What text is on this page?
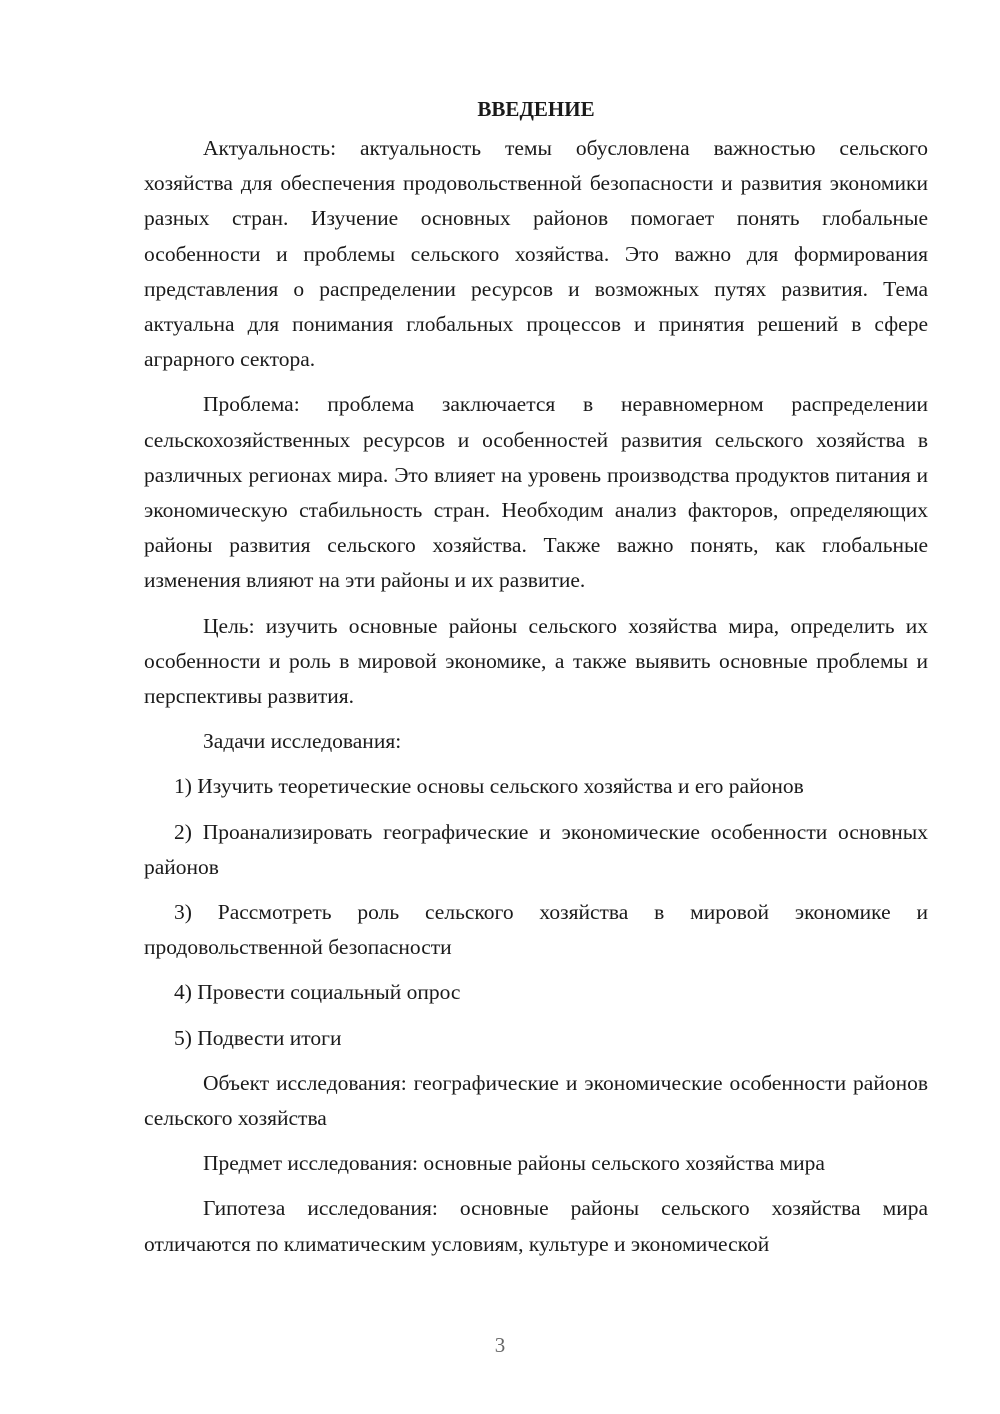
ВВЕДЕНИЕ

Актуальность: актуальность темы обусловлена важностью сельского хозяйства для обеспечения продовольственной безопасности и развития экономики разных стран. Изучение основных районов помогает понять глобальные особенности и проблемы сельского хозяйства. Это важно для формирования представления о распределении ресурсов и возможных путях развития. Тема актуальна для понимания глобальных процессов и принятия решений в сфере аграрного сектора.

Проблема: проблема заключается в неравномерном распределении сельскохозяйственных ресурсов и особенностей развития сельского хозяйства в различных регионах мира. Это влияет на уровень производства продуктов питания и экономическую стабильность стран. Необходим анализ факторов, определяющих районы развития сельского хозяйства. Также важно понять, как глобальные изменения влияют на эти районы и их развитие.

Цель: изучить основные районы сельского хозяйства мира, определить их особенности и роль в мировой экономике, а также выявить основные проблемы и перспективы развития.

Задачи исследования:

1) Изучить теоретические основы сельского хозяйства и его районов

2) Проанализировать географические и экономические особенности основных районов

3) Рассмотреть роль сельского хозяйства в мировой экономике и продовольственной безопасности

4) Провести социальный опрос

5) Подвести итоги

Объект исследования: географические и экономические особенности районов сельского хозяйства

Предмет исследования: основные районы сельского хозяйства мира

Гипотеза исследования: основные районы сельского хозяйства мира отличаются по климатическим условиям, культуре и экономической

3
